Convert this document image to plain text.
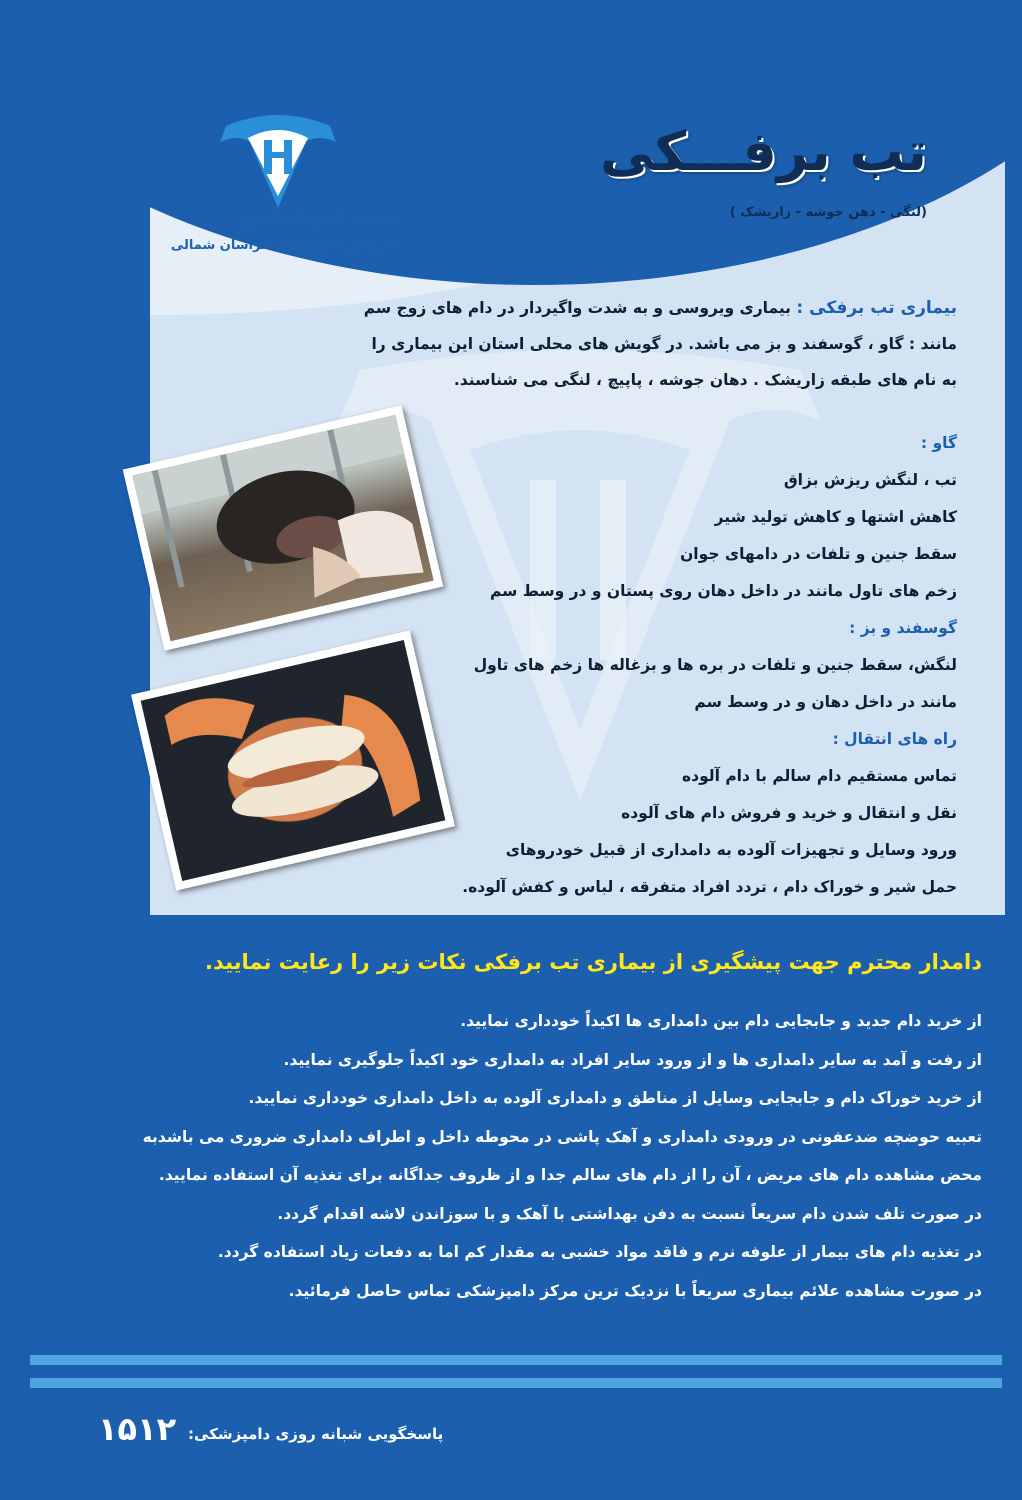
Foot-and-Mouth Disease	سازمان دامپزشکی کشور
اداره کل دامپزشکی خراسان شمالی
تب برفـــکی
(لنگی - دهن جوشه - زاریشک )
بیماری تب برفکی : بیماری ویروسی و به شدت واگیردار در دام های زوج سم
مانند : گاو ، گوسفند و بز می باشد. در گویش های محلی استان این بیماری را
به نام های طبقه زاریشک . دهان جوشه ، پاپیچ ، لنگی می شناسند.
گاو :
تب ، لنگش ریزش بزاق
کاهش اشتها و کاهش تولید شیر
سقط جنین و تلفات در دامهای جوان
زخم های تاول مانند در داخل دهان روی پستان و در وسط سم
گوسفند و بز :
لنگش، سقط جنین و تلفات در بره ها و بزغاله ها زخم های تاول
مانند در داخل دهان و در وسط سم
راه های انتقال :
تماس مستقیم دام سالم با دام آلوده
نقل و انتقال و خرید و فروش دام های آلوده
ورود وسایل و تجهیزات آلوده به دامداری از قبیل خودروهای
حمل شیر و خوراک دام ، تردد افراد متفرقه ، لباس و کفش آلوده.
دامدار محترم جهت پیشگیری از بیماری تب برفکی نکات زیر را رعایت نمایید.
از خرید دام جدید و جابجایی دام بین دامداری ها اکیداً خودداری نمایید.
از رفت و آمد به سایر دامداری ها و از ورود سایر افراد به دامداری خود اکیداً جلوگیری نمایید.
از خرید خوراک دام و جابجایی وسایل از مناطق و دامداری آلوده به داخل دامداری خودداری نمایید.
تعبیه حوضچه ضدعفونی در ورودی دامداری و آهک پاشی در محوطه داخل و اطراف دامداری ضروری می باشدبه
محض مشاهده دام های مریض ، آن را از دام های سالم جدا و از ظروف جداگانه برای تغذیه آن استفاده نمایید.
در صورت تلف شدن دام سریعاً نسبت به دفن بهداشتی با آهک و با سوزاندن لاشه اقدام گردد.
در تغذیه دام های بیمار از علوفه نرم و فاقد مواد خشبی به مقدار کم اما به دفعات زیاد استفاده گردد.
در صورت مشاهده علائم بیماری سریعاً با نزدیک ترین مرکز دامپزشکی تماس حاصل فرمائید.
پاسخگویی شبانه روزی دامپزشکی:
۱۵۱۲
